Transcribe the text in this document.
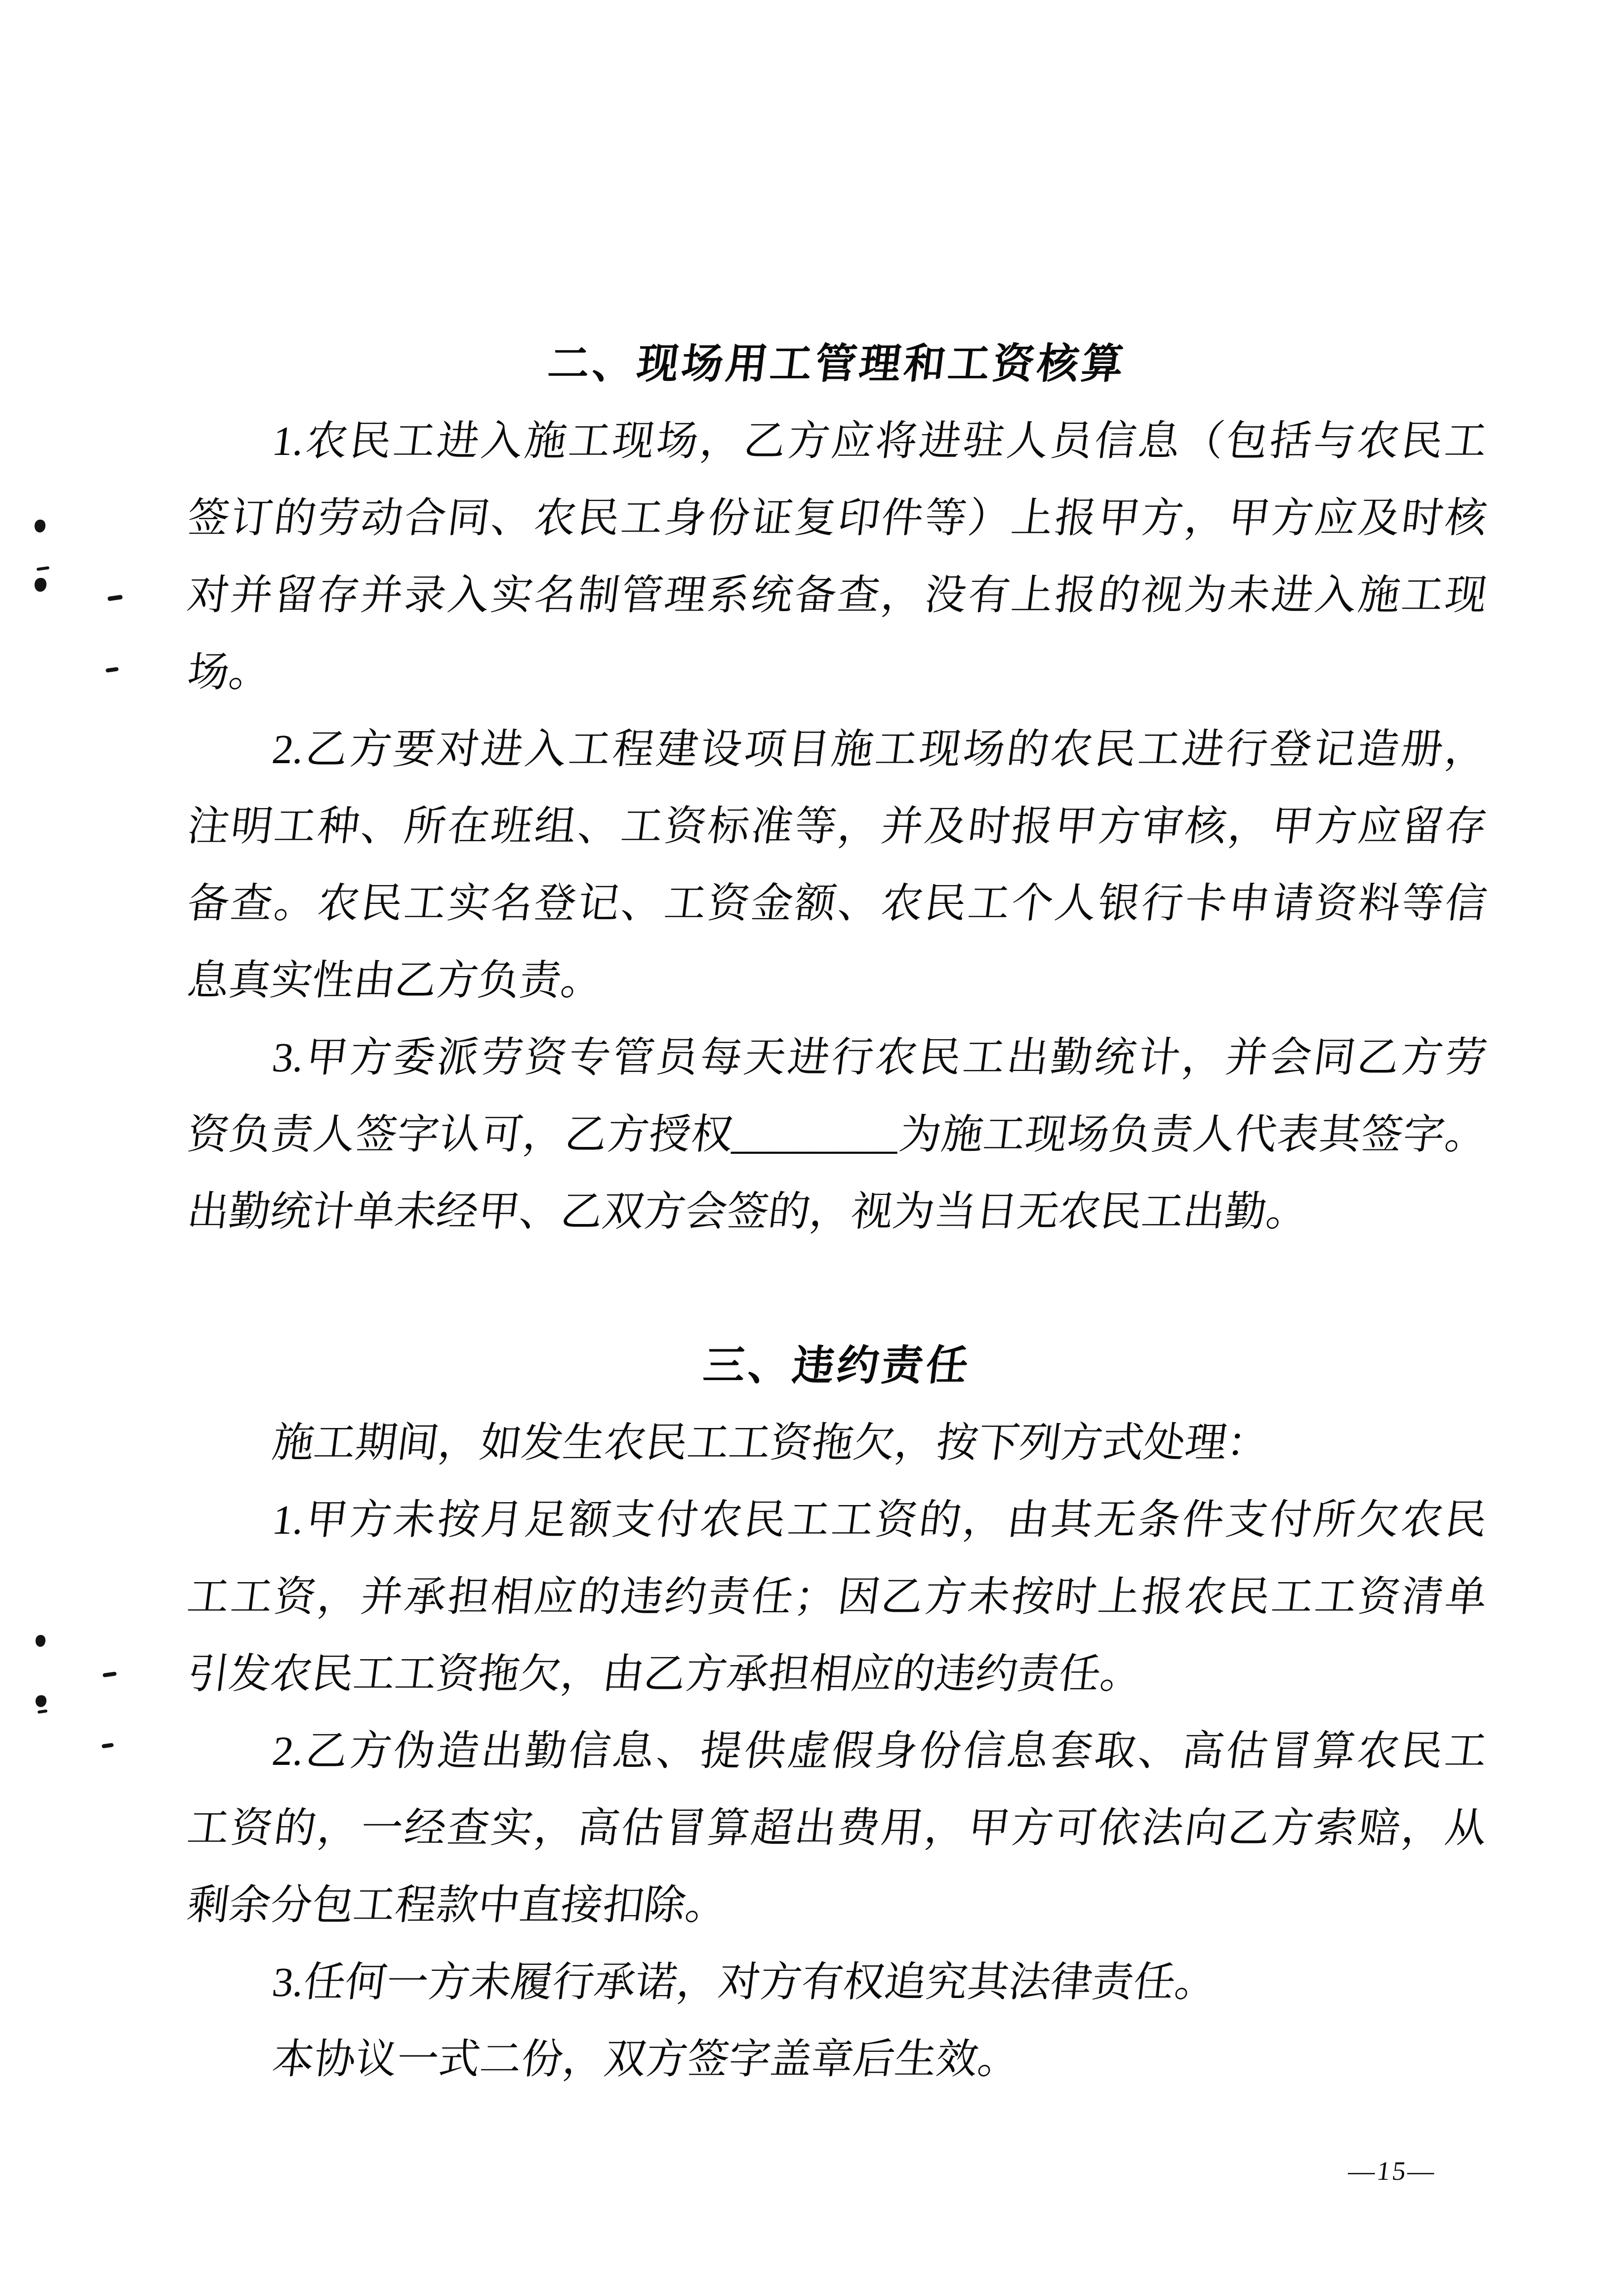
二、现场用工管理和工资核算
1.农民工进入施工现场，乙方应将进驻人员信息（包括与农民工
签订的劳动合同、农民工身份证复印件等）上报甲方，甲方应及时核
对并留存并录入实名制管理系统备查，没有上报的视为未进入施工现
场。
2.乙方要对进入工程建设项目施工现场的农民工进行登记造册，
注明工种、所在班组、工资标准等，并及时报甲方审核，甲方应留存
备查。农民工实名登记、工资金额、农民工个人银行卡申请资料等信
息真实性由乙方负责。
3.甲方委派劳资专管员每天进行农民工出勤统计，并会同乙方劳
资负责人签字认可，乙方授权________为施工现场负责人代表其签字。
出勤统计单未经甲、乙双方会签的，视为当日无农民工出勤。
三、违约责任
施工期间，如发生农民工工资拖欠，按下列方式处理：
1.甲方未按月足额支付农民工工资的，由其无条件支付所欠农民
工工资，并承担相应的违约责任；因乙方未按时上报农民工工资清单
引发农民工工资拖欠，由乙方承担相应的违约责任。
2.乙方伪造出勤信息、提供虚假身份信息套取、高估冒算农民工
工资的，一经查实，高估冒算超出费用，甲方可依法向乙方索赔，从
剩余分包工程款中直接扣除。
3.任何一方未履行承诺，对方有权追究其法律责任。
本协议一式二份，双方签字盖章后生效。
—15—
